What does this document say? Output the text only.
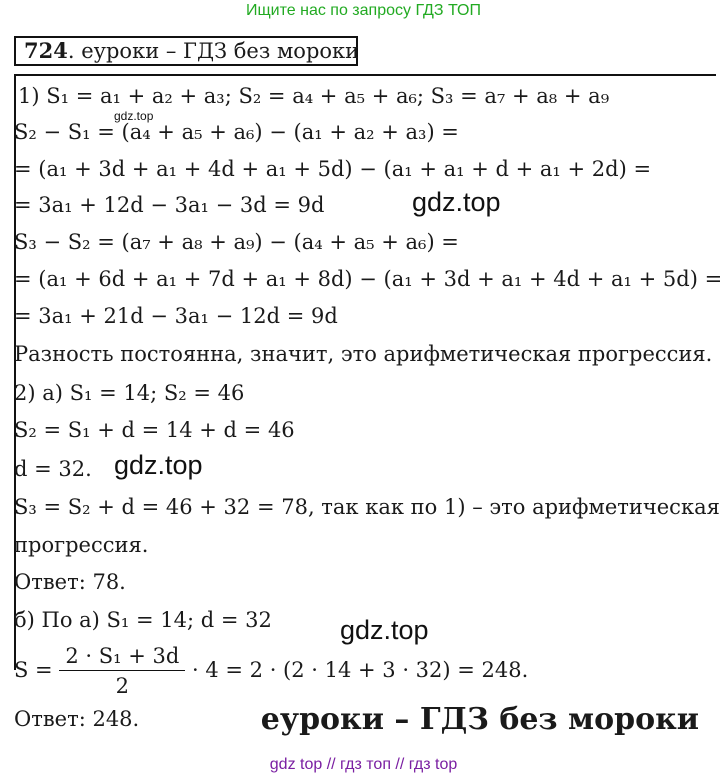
Ищите нас по запросу ГДЗ ТОП
724. еуроки – ГДЗ без мороки
gdz.top
1) S₁ = a₁ + a₂ + a₃; S₂ = a₄ + a₅ + a₆; S₃ = a₇ + a₈ + a₉
S₂ − S₁ = (a₄ + a₅ + a₆) − (a₁ + a₂ + a₃) =
= (a₁ + 3d + a₁ + 4d + a₁ + 5d) − (a₁ + a₁ + d + a₁ + 2d) =
= 3a₁ + 12d − 3a₁ − 3d = 9d
S₃ − S₂ = (a₇ + a₈ + a₉) − (a₄ + a₅ + a₆) =
= (a₁ + 6d + a₁ + 7d + a₁ + 8d) − (a₁ + 3d + a₁ + 4d + a₁ + 5d) =
= 3a₁ + 21d − 3a₁ − 12d = 9d
Разность постоянна, значит, это арифметическая прогрессия.
2) а) S₁ = 14; S₂ = 46
S₂ = S₁ + d = 14 + d = 46
d = 32.
S₃ = S₂ + d = 46 + 32 = 78, так как по 1) – это арифметическая
прогрессия.
Ответ: 78.
б) По а) S₁ = 14; d = 32
$S = \frac{\text{2 · S₁ + 3d}}{2} \cdot 4 = 2 \cdot (2 \cdot 14 + 3 \cdot 32) = 248$.
Ответ: 248.
gdz.top
gdz.top
gdz.top
еуроки – ГДЗ без мороки
gdz top // гдз топ // гдз top
